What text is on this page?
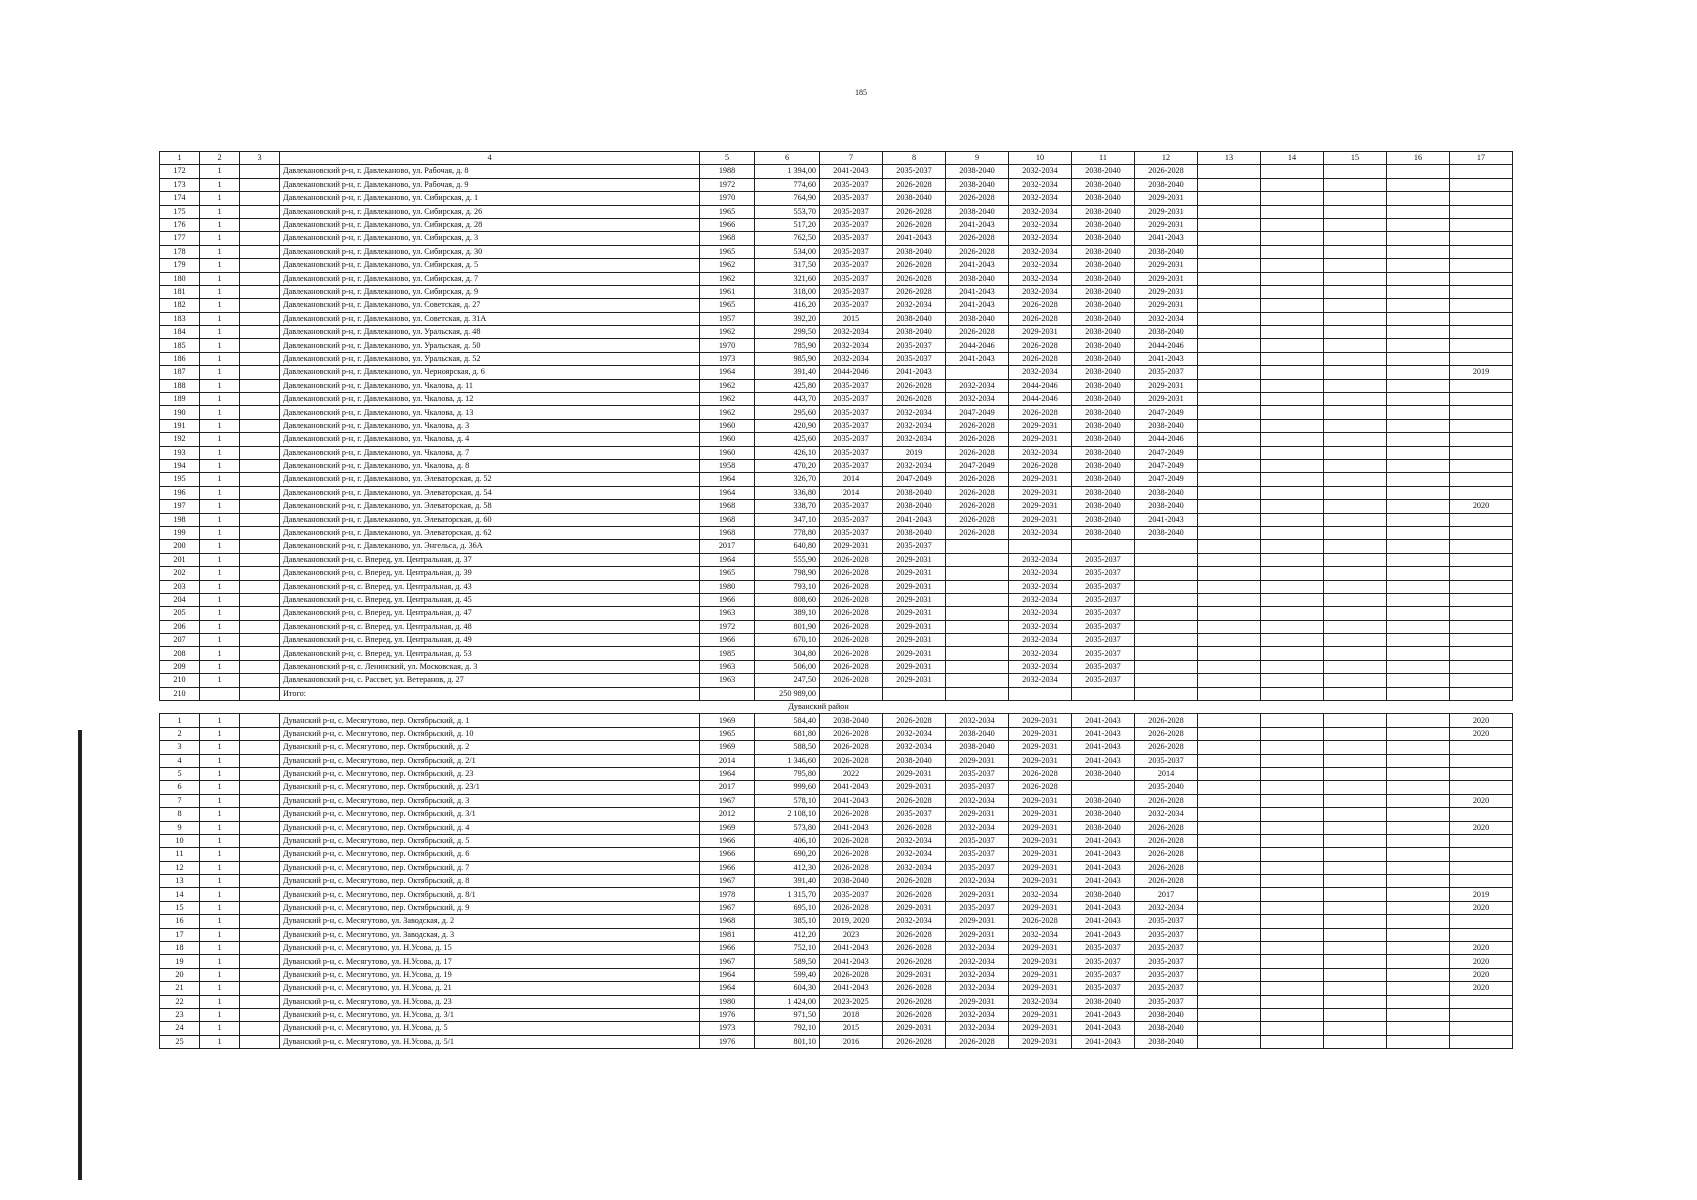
185
1	2	3	4	5	6	7	8	9	10	11	12	13	14	15	16	17
172	1		Давлекановский р-н, г. Давлеканово, ул. Рабочая, д. 8	1988	1 394,00	2041-2043	2035-2037	2038-2040	2032-2034	2038-2040	2026-2028					
173	1		Давлекановский р-н, г. Давлеканово, ул. Рабочая, д. 9	1972	774,60	2035-2037	2026-2028	2038-2040	2032-2034	2038-2040	2038-2040					
174	1		Давлекановский р-н, г. Давлеканово, ул. Сибирская, д. 1	1970	764,90	2035-2037	2038-2040	2026-2028	2032-2034	2038-2040	2029-2031					
175	1		Давлекановский р-н, г. Давлеканово, ул. Сибирская, д. 26	1965	553,70	2035-2037	2026-2028	2038-2040	2032-2034	2038-2040	2029-2031					
176	1		Давлекановский р-н, г. Давлеканово, ул. Сибирская, д. 28	1966	517,20	2035-2037	2026-2028	2041-2043	2032-2034	2038-2040	2029-2031					
177	1		Давлекановский р-н, г. Давлеканово, ул. Сибирская, д. 3	1968	762,50	2035-2037	2041-2043	2026-2028	2032-2034	2038-2040	2041-2043					
178	1		Давлекановский р-н, г. Давлеканово, ул. Сибирская, д. 30	1965	534,00	2035-2037	2038-2040	2026-2028	2032-2034	2038-2040	2038-2040					
179	1		Давлекановский р-н, г. Давлеканово, ул. Сибирская, д. 5	1962	317,50	2035-2037	2026-2028	2041-2043	2032-2034	2038-2040	2029-2031					
180	1		Давлекановский р-н, г. Давлеканово, ул. Сибирская, д. 7	1962	321,60	2035-2037	2026-2028	2038-2040	2032-2034	2038-2040	2029-2031					
181	1		Давлекановский р-н, г. Давлеканово, ул. Сибирская, д. 9	1961	318,00	2035-2037	2026-2028	2041-2043	2032-2034	2038-2040	2029-2031					
182	1		Давлекановский р-н, г. Давлеканово, ул. Советская, д. 27	1965	416,20	2035-2037	2032-2034	2041-2043	2026-2028	2038-2040	2029-2031					
183	1		Давлекановский р-н, г. Давлеканово, ул. Советская, д. 31А	1957	392,20	2015	2038-2040	2038-2040	2026-2028	2038-2040	2032-2034					
184	1		Давлекановский р-н, г. Давлеканово, ул. Уральская, д. 48	1962	299,50	2032-2034	2038-2040	2026-2028	2029-2031	2038-2040	2038-2040					
185	1		Давлекановский р-н, г. Давлеканово, ул. Уральская, д. 50	1970	785,90	2032-2034	2035-2037	2044-2046	2026-2028	2038-2040	2044-2046					
186	1		Давлекановский р-н, г. Давлеканово, ул. Уральская, д. 52	1973	985,90	2032-2034	2035-2037	2041-2043	2026-2028	2038-2040	2041-2043					
187	1		Давлекановский р-н, г. Давлеканово, ул. Черноярская, д. 6	1964	391,40	2044-2046	2041-2043		2032-2034	2038-2040	2035-2037					2019
188	1		Давлекановский р-н, г. Давлеканово, ул. Чкалова, д. 11	1962	425,80	2035-2037	2026-2028	2032-2034	2044-2046	2038-2040	2029-2031					
189	1		Давлекановский р-н, г. Давлеканово, ул. Чкалова, д. 12	1962	443,70	2035-2037	2026-2028	2032-2034	2044-2046	2038-2040	2029-2031					
190	1		Давлекановский р-н, г. Давлеканово, ул. Чкалова, д. 13	1962	295,60	2035-2037	2032-2034	2047-2049	2026-2028	2038-2040	2047-2049					
191	1		Давлекановский р-н, г. Давлеканово, ул. Чкалова, д. 3	1960	420,90	2035-2037	2032-2034	2026-2028	2029-2031	2038-2040	2038-2040					
192	1		Давлекановский р-н, г. Давлеканово, ул. Чкалова, д. 4	1960	425,60	2035-2037	2032-2034	2026-2028	2029-2031	2038-2040	2044-2046					
193	1		Давлекановский р-н, г. Давлеканово, ул. Чкалова, д. 7	1960	426,10	2035-2037	2019	2026-2028	2032-2034	2038-2040	2047-2049					
194	1		Давлекановский р-н, г. Давлеканово, ул. Чкалова, д. 8	1958	470,20	2035-2037	2032-2034	2047-2049	2026-2028	2038-2040	2047-2049					
195	1		Давлекановский р-н, г. Давлеканово, ул. Элеваторская, д. 52	1964	326,70	2014	2047-2049	2026-2028	2029-2031	2038-2040	2047-2049					
196	1		Давлекановский р-н, г. Давлеканово, ул. Элеваторская, д. 54	1964	336,80	2014	2038-2040	2026-2028	2029-2031	2038-2040	2038-2040					
197	1		Давлекановский р-н, г. Давлеканово, ул. Элеваторская, д. 58	1968	338,70	2035-2037	2038-2040	2026-2028	2029-2031	2038-2040	2038-2040					2020
198	1		Давлекановский р-н, г. Давлеканово, ул. Элеваторская, д. 60	1968	347,10	2035-2037	2041-2043	2026-2028	2029-2031	2038-2040	2041-2043					
199	1		Давлекановский р-н, г. Давлеканово, ул. Элеваторская, д. 62	1968	778,80	2035-2037	2038-2040	2026-2028	2032-2034	2038-2040	2038-2040					
200	1		Давлекановский р-н, г. Давлеканово, ул. Энгельса, д. 36А	2017	640,80	2029-2031	2035-2037									
201	1		Давлекановский р-н, с. Вперед, ул. Центральная, д. 37	1964	555,90	2026-2028	2029-2031		2032-2034	2035-2037						
202	1		Давлекановский р-н, с. Вперед, ул. Центральная, д. 39	1965	798,90	2026-2028	2029-2031		2032-2034	2035-2037						
203	1		Давлекановский р-н, с. Вперед, ул. Центральная, д. 43	1980	793,10	2026-2028	2029-2031		2032-2034	2035-2037						
204	1		Давлекановский р-н, с. Вперед, ул. Центральная, д. 45	1966	808,60	2026-2028	2029-2031		2032-2034	2035-2037						
205	1		Давлекановский р-н, с. Вперед, ул. Центральная, д. 47	1963	389,10	2026-2028	2029-2031		2032-2034	2035-2037						
206	1		Давлекановский р-н, с. Вперед, ул. Центральная, д. 48	1972	801,90	2026-2028	2029-2031		2032-2034	2035-2037						
207	1		Давлекановский р-н, с. Вперед, ул. Центральная, д. 49	1966	670,10	2026-2028	2029-2031		2032-2034	2035-2037						
208	1		Давлекановский р-н, с. Вперед, ул. Центральная, д. 53	1985	304,80	2026-2028	2029-2031		2032-2034	2035-2037						
209	1		Давлекановский р-н, с. Ленинский, ул. Московская, д. 3	1963	506,00	2026-2028	2029-2031		2032-2034	2035-2037						
210	1		Давлекановский р-н, с. Рассвет, ул. Ветеранов, д. 27	1963	247,50	2026-2028	2029-2031		2032-2034	2035-2037						
210			Итого:		250 989,00											
					Дуванский район											
1	1		Дуванский р-н, с. Месягутово, пер. Октябрьский, д. 1	1969	584,40	2038-2040	2026-2028	2032-2034	2029-2031	2041-2043	2026-2028					2020
2	1		Дуванский р-н, с. Месягутово, пер. Октябрьский, д. 10	1965	681,80	2026-2028	2032-2034	2038-2040	2029-2031	2041-2043	2026-2028					2020
3	1		Дуванский р-н, с. Месягутово, пер. Октябрьский, д. 2	1969	588,50	2026-2028	2032-2034	2038-2040	2029-2031	2041-2043	2026-2028					
4	1		Дуванский р-н, с. Месягутово, пер. Октябрьский, д. 2/1	2014	1 346,60	2026-2028	2038-2040	2029-2031	2029-2031	2041-2043	2035-2037					
5	1		Дуванский р-н, с. Месягутово, пер. Октябрьский, д. 23	1964	795,80	2022	2029-2031	2035-2037	2026-2028	2038-2040	2014					
6	1		Дуванский р-н, с. Месягутово, пер. Октябрьский, д. 23/1	2017	999,60	2041-2043	2029-2031	2035-2037	2026-2028		2035-2040					
7	1		Дуванский р-н, с. Месягутово, пер. Октябрьский, д. 3	1967	578,10	2041-2043	2026-2028	2032-2034	2029-2031	2038-2040	2026-2028					2020
8	1		Дуванский р-н, с. Месягутово, пер. Октябрьский, д. 3/1	2012	2 108,10	2026-2028	2035-2037	2029-2031	2029-2031	2038-2040	2032-2034					
9	1		Дуванский р-н, с. Месягутово, пер. Октябрьский, д. 4	1969	573,80	2041-2043	2026-2028	2032-2034	2029-2031	2038-2040	2026-2028					2020
10	1		Дуванский р-н, с. Месягутово, пер. Октябрьский, д. 5	1966	406,10	2026-2028	2032-2034	2035-2037	2029-2031	2041-2043	2026-2028					
11	1		Дуванский р-н, с. Месягутово, пер. Октябрьский, д. 6	1966	690,20	2026-2028	2032-2034	2035-2037	2029-2031	2041-2043	2026-2028					
12	1		Дуванский р-н, с. Месягутово, пер. Октябрьский, д. 7	1966	412,30	2026-2028	2032-2034	2035-2037	2029-2031	2041-2043	2026-2028					
13	1		Дуванский р-н, с. Месягутово, пер. Октябрьский, д. 8	1967	391,40	2038-2040	2026-2028	2032-2034	2029-2031	2041-2043	2026-2028					
14	1		Дуванский р-н, с. Месягутово, пер. Октябрьский, д. 8/1	1978	1 315,70	2035-2037	2026-2028	2029-2031	2032-2034	2038-2040	2017					2019
15	1		Дуванский р-н, с. Месягутово, пер. Октябрьский, д. 9	1967	695,10	2026-2028	2029-2031	2035-2037	2029-2031	2041-2043	2032-2034					2020
16	1		Дуванский р-н, с. Месягутово, ул. Заводская, д. 2	1968	385,10	2019, 2020	2032-2034	2029-2031	2026-2028	2041-2043	2035-2037					
17	1		Дуванский р-н, с. Месягутово, ул. Заводская, д. 3	1981	412,20	2023	2026-2028	2029-2031	2032-2034	2041-2043	2035-2037					
18	1		Дуванский р-н, с. Месягутово, ул. Н.Усова, д. 15	1966	752,10	2041-2043	2026-2028	2032-2034	2029-2031	2035-2037	2035-2037					2020
19	1		Дуванский р-н, с. Месягутово, ул. Н.Усова, д. 17	1967	589,50	2041-2043	2026-2028	2032-2034	2029-2031	2035-2037	2035-2037					2020
20	1		Дуванский р-н, с. Месягутово, ул. Н.Усова, д. 19	1964	599,40	2026-2028	2029-2031	2032-2034	2029-2031	2035-2037	2035-2037					2020
21	1		Дуванский р-н, с. Месягутово, ул. Н.Усова, д. 21	1964	604,30	2041-2043	2026-2028	2032-2034	2029-2031	2035-2037	2035-2037					2020
22	1		Дуванский р-н, с. Месягутово, ул. Н.Усова, д. 23	1980	1 424,00	2023-2025	2026-2028	2029-2031	2032-2034	2038-2040	2035-2037					
23	1		Дуванский р-н, с. Месягутово, ул. Н.Усова, д. 3/1	1976	971,50	2018	2026-2028	2032-2034	2029-2031	2041-2043	2038-2040					
24	1		Дуванский р-н, с. Месягутово, ул. Н.Усова, д. 5	1973	792,10	2015	2029-2031	2032-2034	2029-2031	2041-2043	2038-2040					
25	1		Дуванский р-н, с. Месягутово, ул. Н.Усова, д. 5/1	1976	801,10	2016	2026-2028	2026-2028	2029-2031	2041-2043	2038-2040					
